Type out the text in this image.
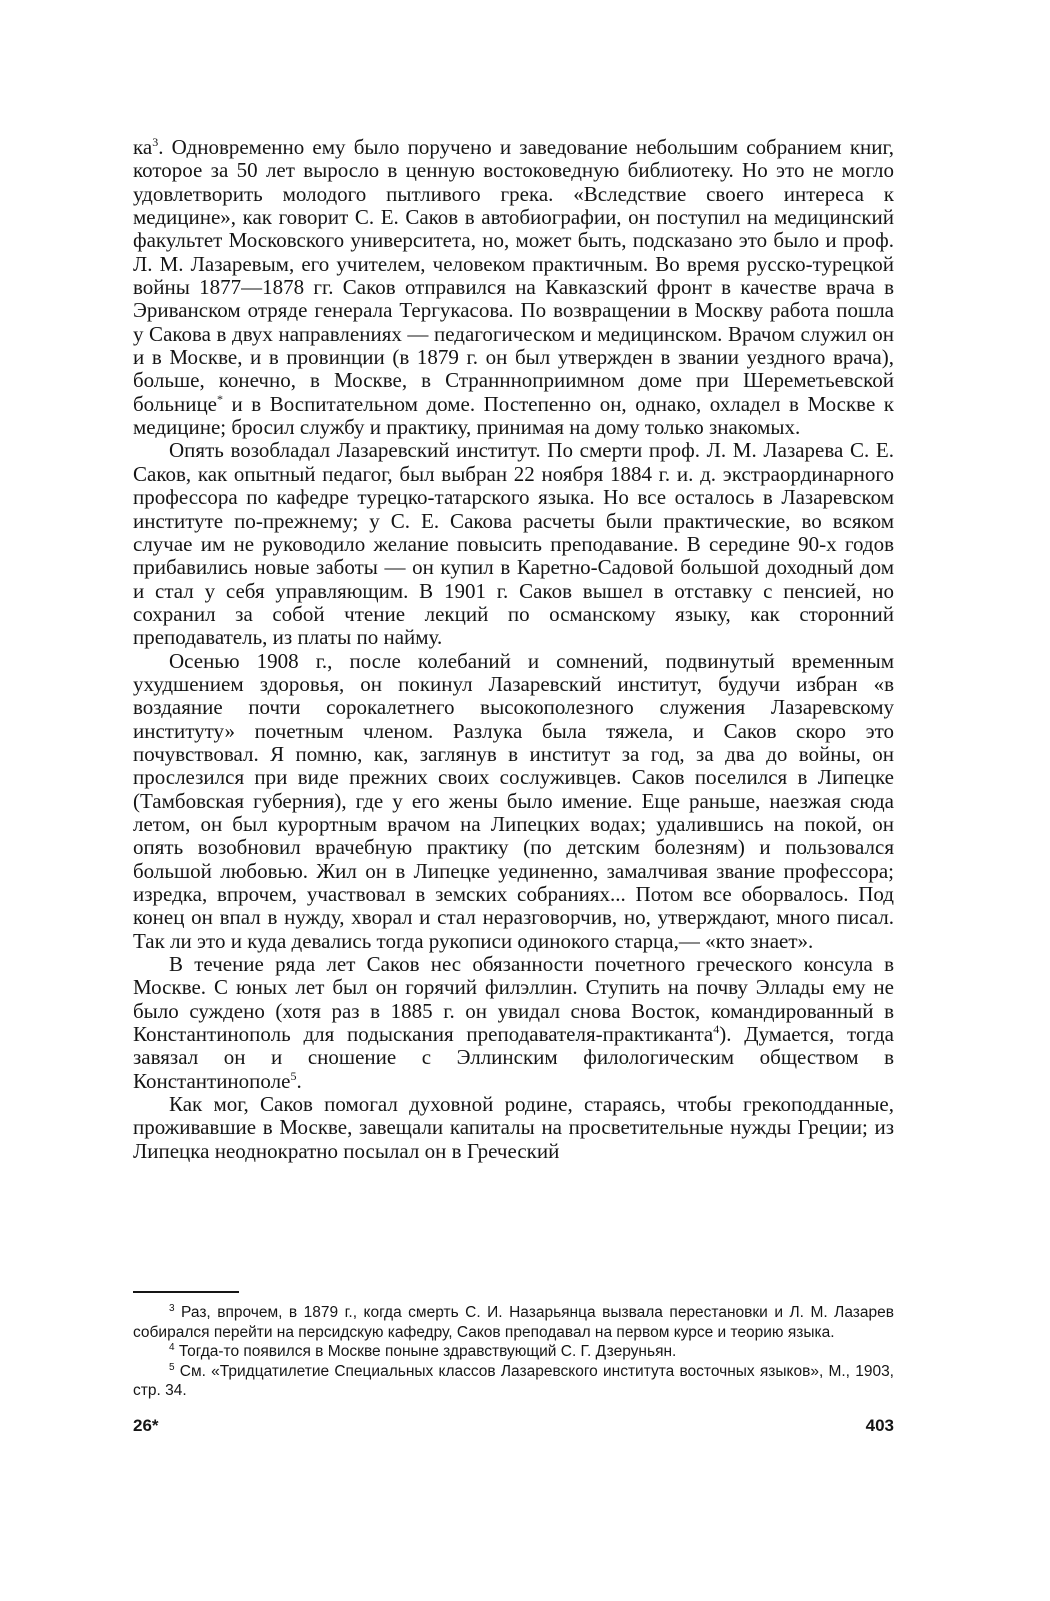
$ка^3$. Одновременно ему было поручено и заведование небольшим собранием книг, которое за 50 лет выросло в ценную востоковедную библиотеку. Но это не могло удовлетворить молодого пытливого грека. «Вследствие своего интереса к медицине», как говорит С. Е. Саков в автобиографии, он поступил на медицинский факультет Московского университета, но, может быть, подсказано это было и проф. Л. М. Лазаревым, его учителем, человеком практичным. Во время русско-турецкой войны 1877—1878 гг. Саков отправился на Кавказский фронт в качестве врача в Эриванском отряде генерала Тергукасова. По возвращении в Москву работа пошла у Сакова в двух направлениях — педагогическом и медицинском. Врачом служил он и в Москве, и в провинции (в 1879 г. он был утвержден в звании уездного врача), больше, конечно, в Москве, в Страннноприимном доме при Шереметьевской больнице* и в Воспитательном доме. Постепенно он, однако, охладел в Москве к медицине; бросил службу и практику, принимая на дому только знакомых.

Опять возобладал Лазаревский институт. По смерти проф. Л. М. Лазарева С. Е. Саков, как опытный педагог, был выбран 22 ноября 1884 г. и. д. экстраординарного профессора по кафедре турецко-татарского языка. Но все осталось в Лазаревском институте по-прежнему; у С. Е. Сакова расчеты были практические, во всяком случае им не руководило желание повысить преподавание. В середине 90-х годов прибавились новые заботы — он купил в Каретно-Садовой большой доходный дом и стал у себя управляющим. В 1901 г. Саков вышел в отставку с пенсией, но сохранил за собой чтение лекций по османскому языку, как сторонний преподаватель, из платы по найму.

Осенью 1908 г., после колебаний и сомнений, подвинутый временным ухудшением здоровья, он покинул Лазаревский институт, будучи избран «в воздаяние почти сорокалетнего высокополезного служения Лазаревскому институту» почетным членом. Разлука была тяжела, и Саков скоро это почувствовал. Я помню, как, заглянув в институт за год, за два до войны, он прослезился при виде прежних своих сослуживцев. Саков поселился в Липецке (Тамбовская губерния), где у его жены было имение. Еще раньше, наезжая сюда летом, он был курортным врачом на Липецких водах; удалившись на покой, он опять возобновил врачебную практику (по детским болезням) и пользовался большой любовью. Жил он в Липецке уединенно, замалчивая звание профессора; изредка, впрочем, участвовал в земских собраниях... Потом все оборвалось. Под конец он впал в нужду, хворал и стал неразговорчив, но, утверждают, много писал. Так ли это и куда девались тогда рукописи одинокого старца,— «кто знает».

В течение ряда лет Саков нес обязанности почетного греческого консула в Москве. С юных лет был он горячий филэллин. Ступить на почву Эллады ему не было суждено (хотя раз в 1885 г. он увидал снова Восток, командированный в Константинополь для подыскания преподавателя-практиканта$^4$). Думается, тогда завязал он и сношение с Эллинским филологическим обществом в Константинополе$^5$.

Как мог, Саков помогал духовной родине, стараясь, чтобы грекоподданные, проживавшие в Москве, завещали капиталы на просветительные нужды Греции; из Липецка неоднократно посылал он в Греческий

$^3$ Раз, впрочем, в 1879 г., когда смерть С. И. Назарьянца вызвала перестановки и Л. М. Лазарев собирался перейти на персидскую кафедру, Саков преподавал на первом курсе и теорию языка.

$^4$ Тогда-то появился в Москве поныне здравствующий С. Г. Дзеруньян.

$^5$ См. «Тридцатилетие Специальных классов Лазаревского института восточных языков», М., 1903, стр. 34.

26*	403
